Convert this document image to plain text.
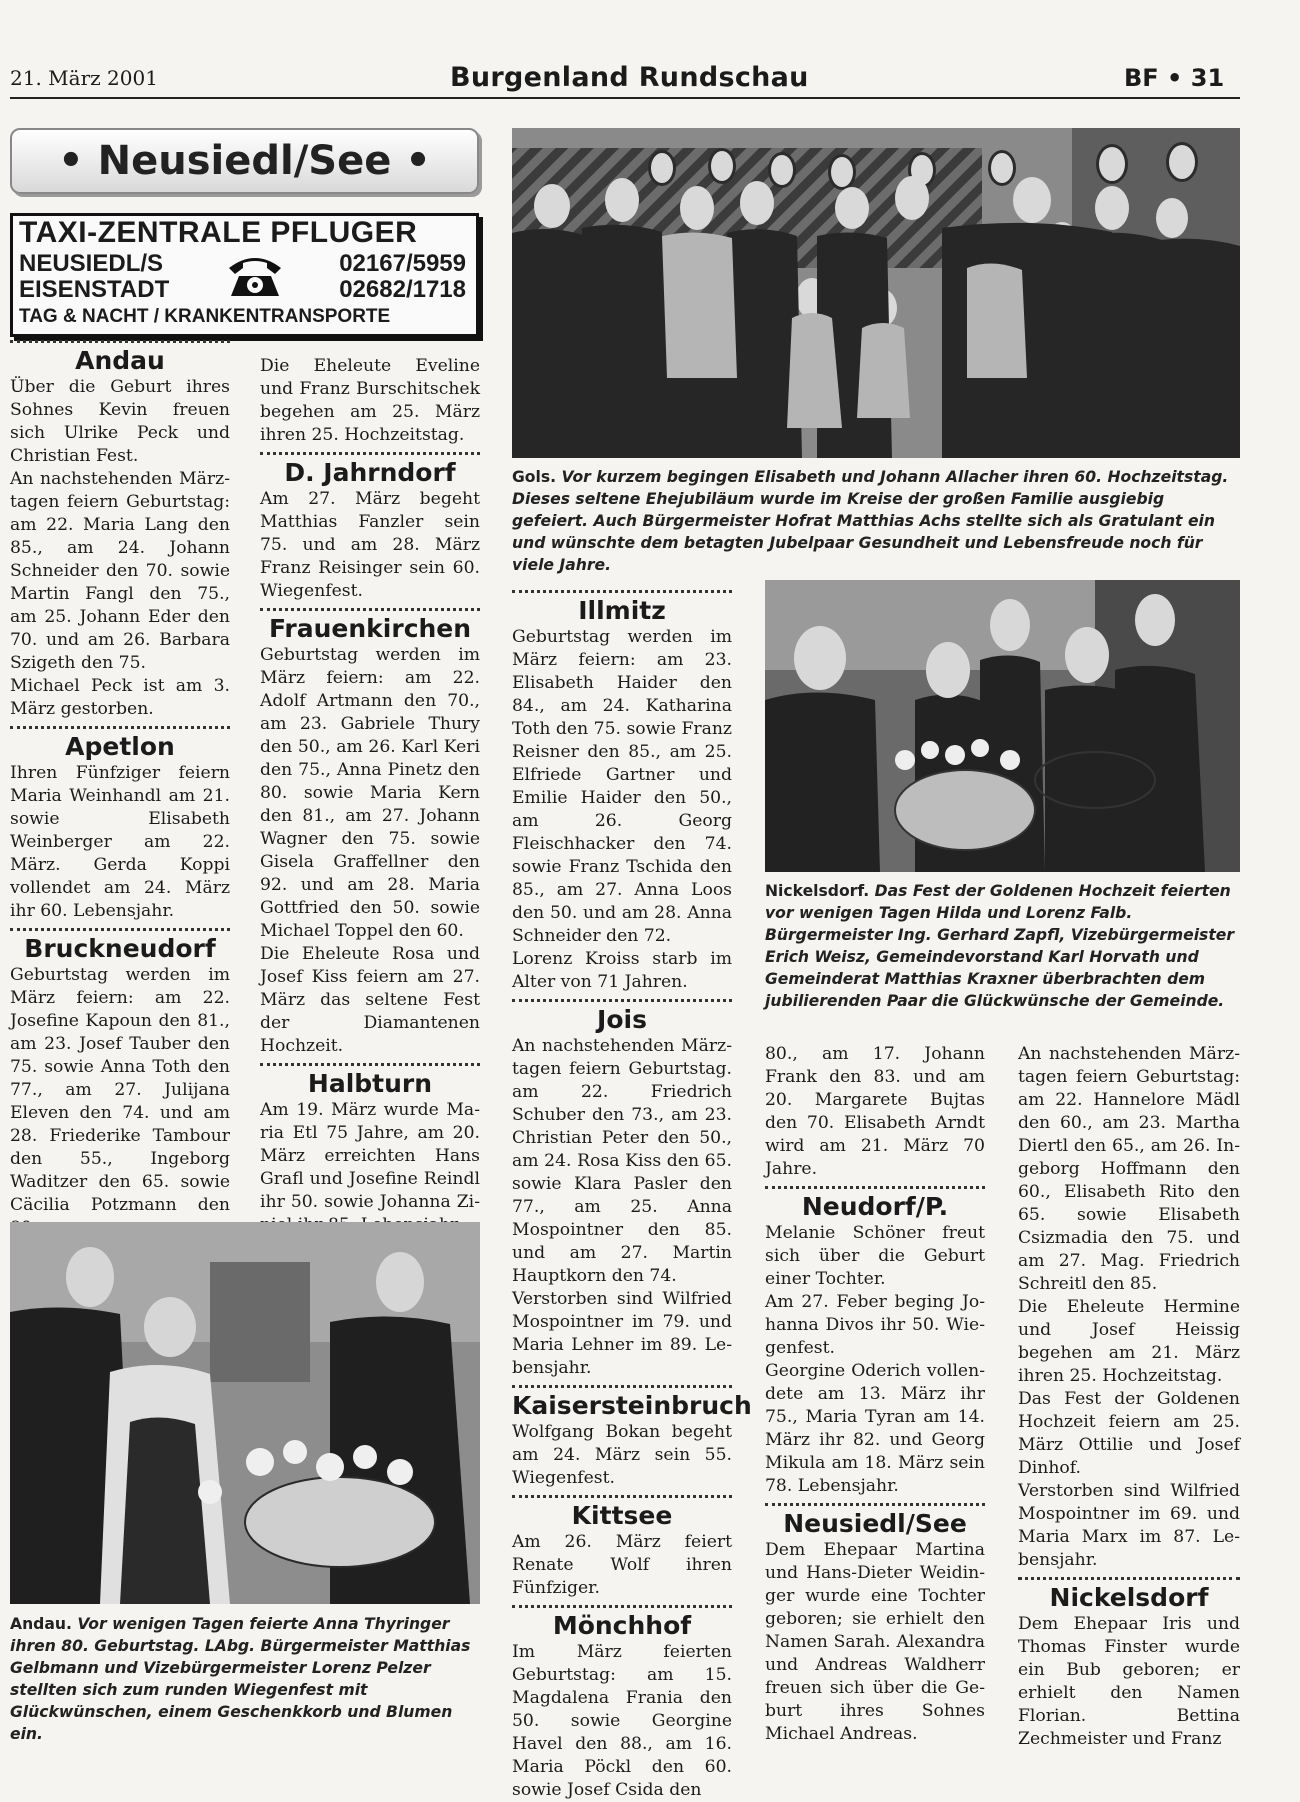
21. März 2001	Burgenland Rundschau	BF • 31
• Neusiedl/See •
TAXI-ZENTRALE PFLUGER
NEUSIEDL/S	02167/5959
EISENSTADT	02682/1718
TAG & NACHT / KRANKENTRANSPORTE
Andau

Über die Geburt ihres Sohnes Kevin freuen sich Ulrike Peck und Christian Fest.

An nachstehenden Märztagen feiern Geburtstag: am 22. Maria Lang den 85., am 24. Johann Schneider den 70. sowie Martin Fangl den 75., am 25. Johann Eder den 70. und am 26. Barbara Szigeth den 75.

Michael Peck ist am 3. März gestorben.

Apetlon

Ihren Fünfziger feiern Maria Weinhandl am 21. sowie Elisabeth Weinberger am 22. März. Gerda Koppi vollendet am 24. März ihr 60. Lebensjahr.

Bruckneudorf

Geburtstag werden im März feiern: am 22. Josefine Kapoun den 81., am 23. Josef Tauber den 75. sowie Anna Toth den 77., am 27. Julijana Eleven den 74. und am 28. Friederike Tambour den 55., Ingeborg Waditzer den 65. sowie Cäcilia Potzmann den

Die Eheleute Eveline und Franz Burschitschek begehen am 25. März ihren 25. Hochzeitstag.

D. Jahrndorf

Am 27. März begeht Matthias Fanzler sein 75. und am 28. März Franz Reisinger sein 60. Wiegenfest.

Frauenkirchen

Geburtstag werden im März feiern: am 22. Adolf Artmann den 70., am 23. Gabriele Thury den 50., am 26. Karl Keri den 75., Anna Pinetz den 80. sowie Maria Kern den 81., am 27. Johann Wagner den 75. sowie Gisela Graffellner den 92. und am 28. Maria Gottfried den 50. sowie Michael Toppel den 60.

Die Eheleute Rosa und Josef Kiss feiern am 27. März das seltene Fest der Diamantenen Hochzeit.

Halbturn

Am 19. März wurde Maria Etl 75 Jahre, am 20. März erreichten Hans Grafl und Josefine Reindl ihr 50. sowie Johanna Zi

Gols. Vor kurzem begingen Elisabeth und Johann Allacher ihren 60. Hochzeitstag. Dieses seltene Ehejubiläum wurde im Kreise der großen Familie ausgiebig gefeiert. Auch Bürgermeister Hofrat Matthias Achs stellte sich als Gratulant ein und wünschte dem betagten Jubelpaar Gesundheit und Lebensfreude noch für viele Jahre.
Illmitz

Geburtstag werden im März feiern: am 23. Elisabeth Haider den 84., am 24. Katharina Toth den 75. sowie Franz Reisner den 85., am 25. Elfriede Gartner und Emilie Haider den 50., am 26. Georg Fleischhacker den 74. sowie Franz Tschida den 85., am 27. Anna Loos den 50. und am 28. Anna Schneider den 72.

Lorenz Kroiss starb im Alter von 71 Jahren.

Jois

An nachstehenden Märztagen feiern Geburtstag. am 22. Friedrich Schuber den 73., am 23. Christian Peter den 50., am 24. Rosa Kiss den 65. sowie Klara Pasler den 77., am 25. Anna Mospointner den 85. und am 27. Martin Hauptkorn den 74.

Verstorben sind Wilfried Mospointner im 79. und Maria Lehner im 89. Lebensjahr.

Kaisersteinbruch

Wolfgang Bokan begeht am 24. März sein 55. Wiegenfest.

Kittsee

Am 26. März feiert Renate Wolf ihren Fünfziger.

Mönchhof

Im März feierten Geburtstag: am 15. Magdalena Frania den 50. sowie Georgine Havel den 88., am 16. Maria Pöckl den 60. sowie Josef Csida den

Nickelsdorf. Das Fest der Goldenen Hochzeit feierten vor wenigen Tagen Hilda und Lorenz Falb. Bürgermeister Ing. Gerhard Zapfl, Vizebürgermeister Erich Weisz, Gemeindevorstand Karl Horvath und Gemeinderat Matthias Kraxner überbrachten dem jubilierenden Paar die Glückwünsche der Gemeinde.

80., am 17. Johann Frank den 83. und am 20. Margarete Bujtas den 70. Elisabeth Arndt wird am 21. März 70 Jahre.

Neudorf/P.

Melanie Schöner freut sich über die Geburt einer Tochter.

Am 27. Feber beging Johanna Divos ihr 50. Wiegenfest.

Georgine Oderich vollendete am 13. März ihr 75., Maria Tyran am 14. März ihr 82. und Georg Mikula am 18. März sein 78. Lebensjahr.

Neusiedl/See

Dem Ehepaar Martina und Hans-Dieter Weidinger wurde eine Tochter geboren; sie erhielt den Namen Sarah. Alexandra und Andreas Waldherr freuen sich über die Geburt ihres Sohnes Michael Andreas.

An nachstehenden Märztagen feiern Geburtstag: am 22. Hannelore Mädl den 60., am 23. Martha Diertl den 65., am 26. Ingeborg Hoffmann den 60., Elisabeth Rito den 65. sowie Elisabeth Csizmadia den 75. und am 27. Mag. Friedrich Schreitl den 85.

Die Eheleute Hermine und Josef Heissig begehen am 21. März ihren 25. Hochzeitstag.

Das Fest der Goldenen Hochzeit feiern am 25. März Ottilie und Josef Dinhof.

Verstorben sind Wilfried Mospointner im 69. und Maria Marx im 87. Lebensjahr.

Nickelsdorf

Dem Ehepaar Iris und Thomas Finster wurde ein Bub geboren; er erhielt den Namen Florian. Bettina Zechmeister und Franz

Andau. Vor wenigen Tagen feierte Anna Thyringer ihren 80. Geburtstag. LAbg. Bürgermeister Matthias Gelbmann und Vizebürgermeister Lorenz Pelzer stellten sich zum runden Wiegenfest mit Glückwünschen, einem Geschenkkorb und Blumen ein.
